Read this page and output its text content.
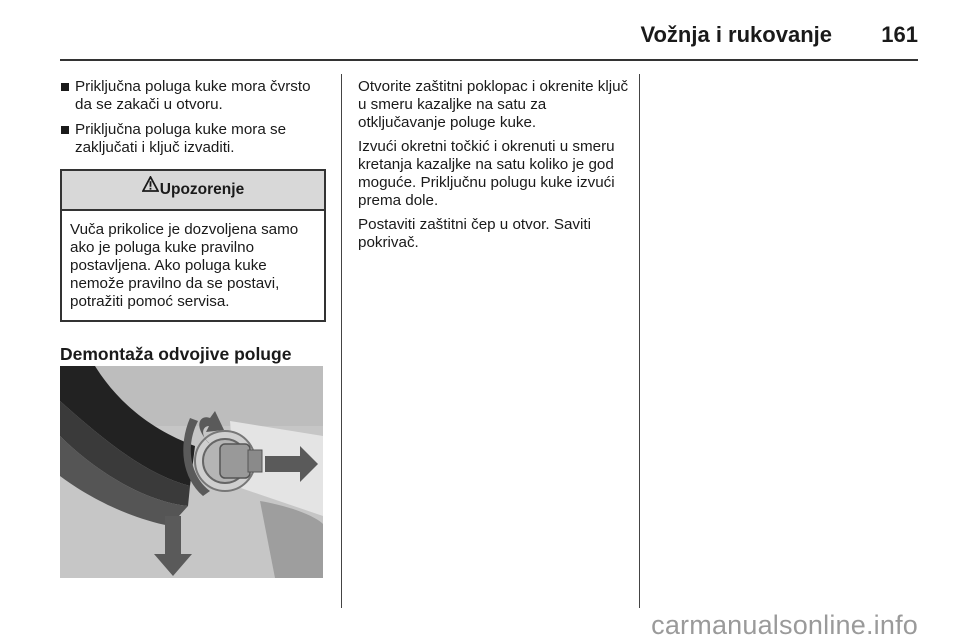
Vožnja i rukovanje 161
Priključna poluga kuke mora čvrsto da se zakači u otvoru.
Priključna poluga kuke mora se zaključati i ključ izvaditi.
Upozorenje
Vuča prikolice je dozvoljena samo ako je poluga kuke pravilno postavljena. Ako poluga kuke nemože pravilno da se postavi, potražiti pomoć servisa.
Demontaža odvojive poluge

Otvorite zaštitni poklopac i okrenite ključ u smeru kazaljke na satu za otključavanje poluge kuke.

Izvući okretni točkić i okrenuti u smeru kretanja kazaljke na satu koliko je god moguće. Priključnu polugu kuke izvući prema dole.

Postaviti zaštitni čep u otvor. Saviti pokrivač.

carmanualsonline.info
